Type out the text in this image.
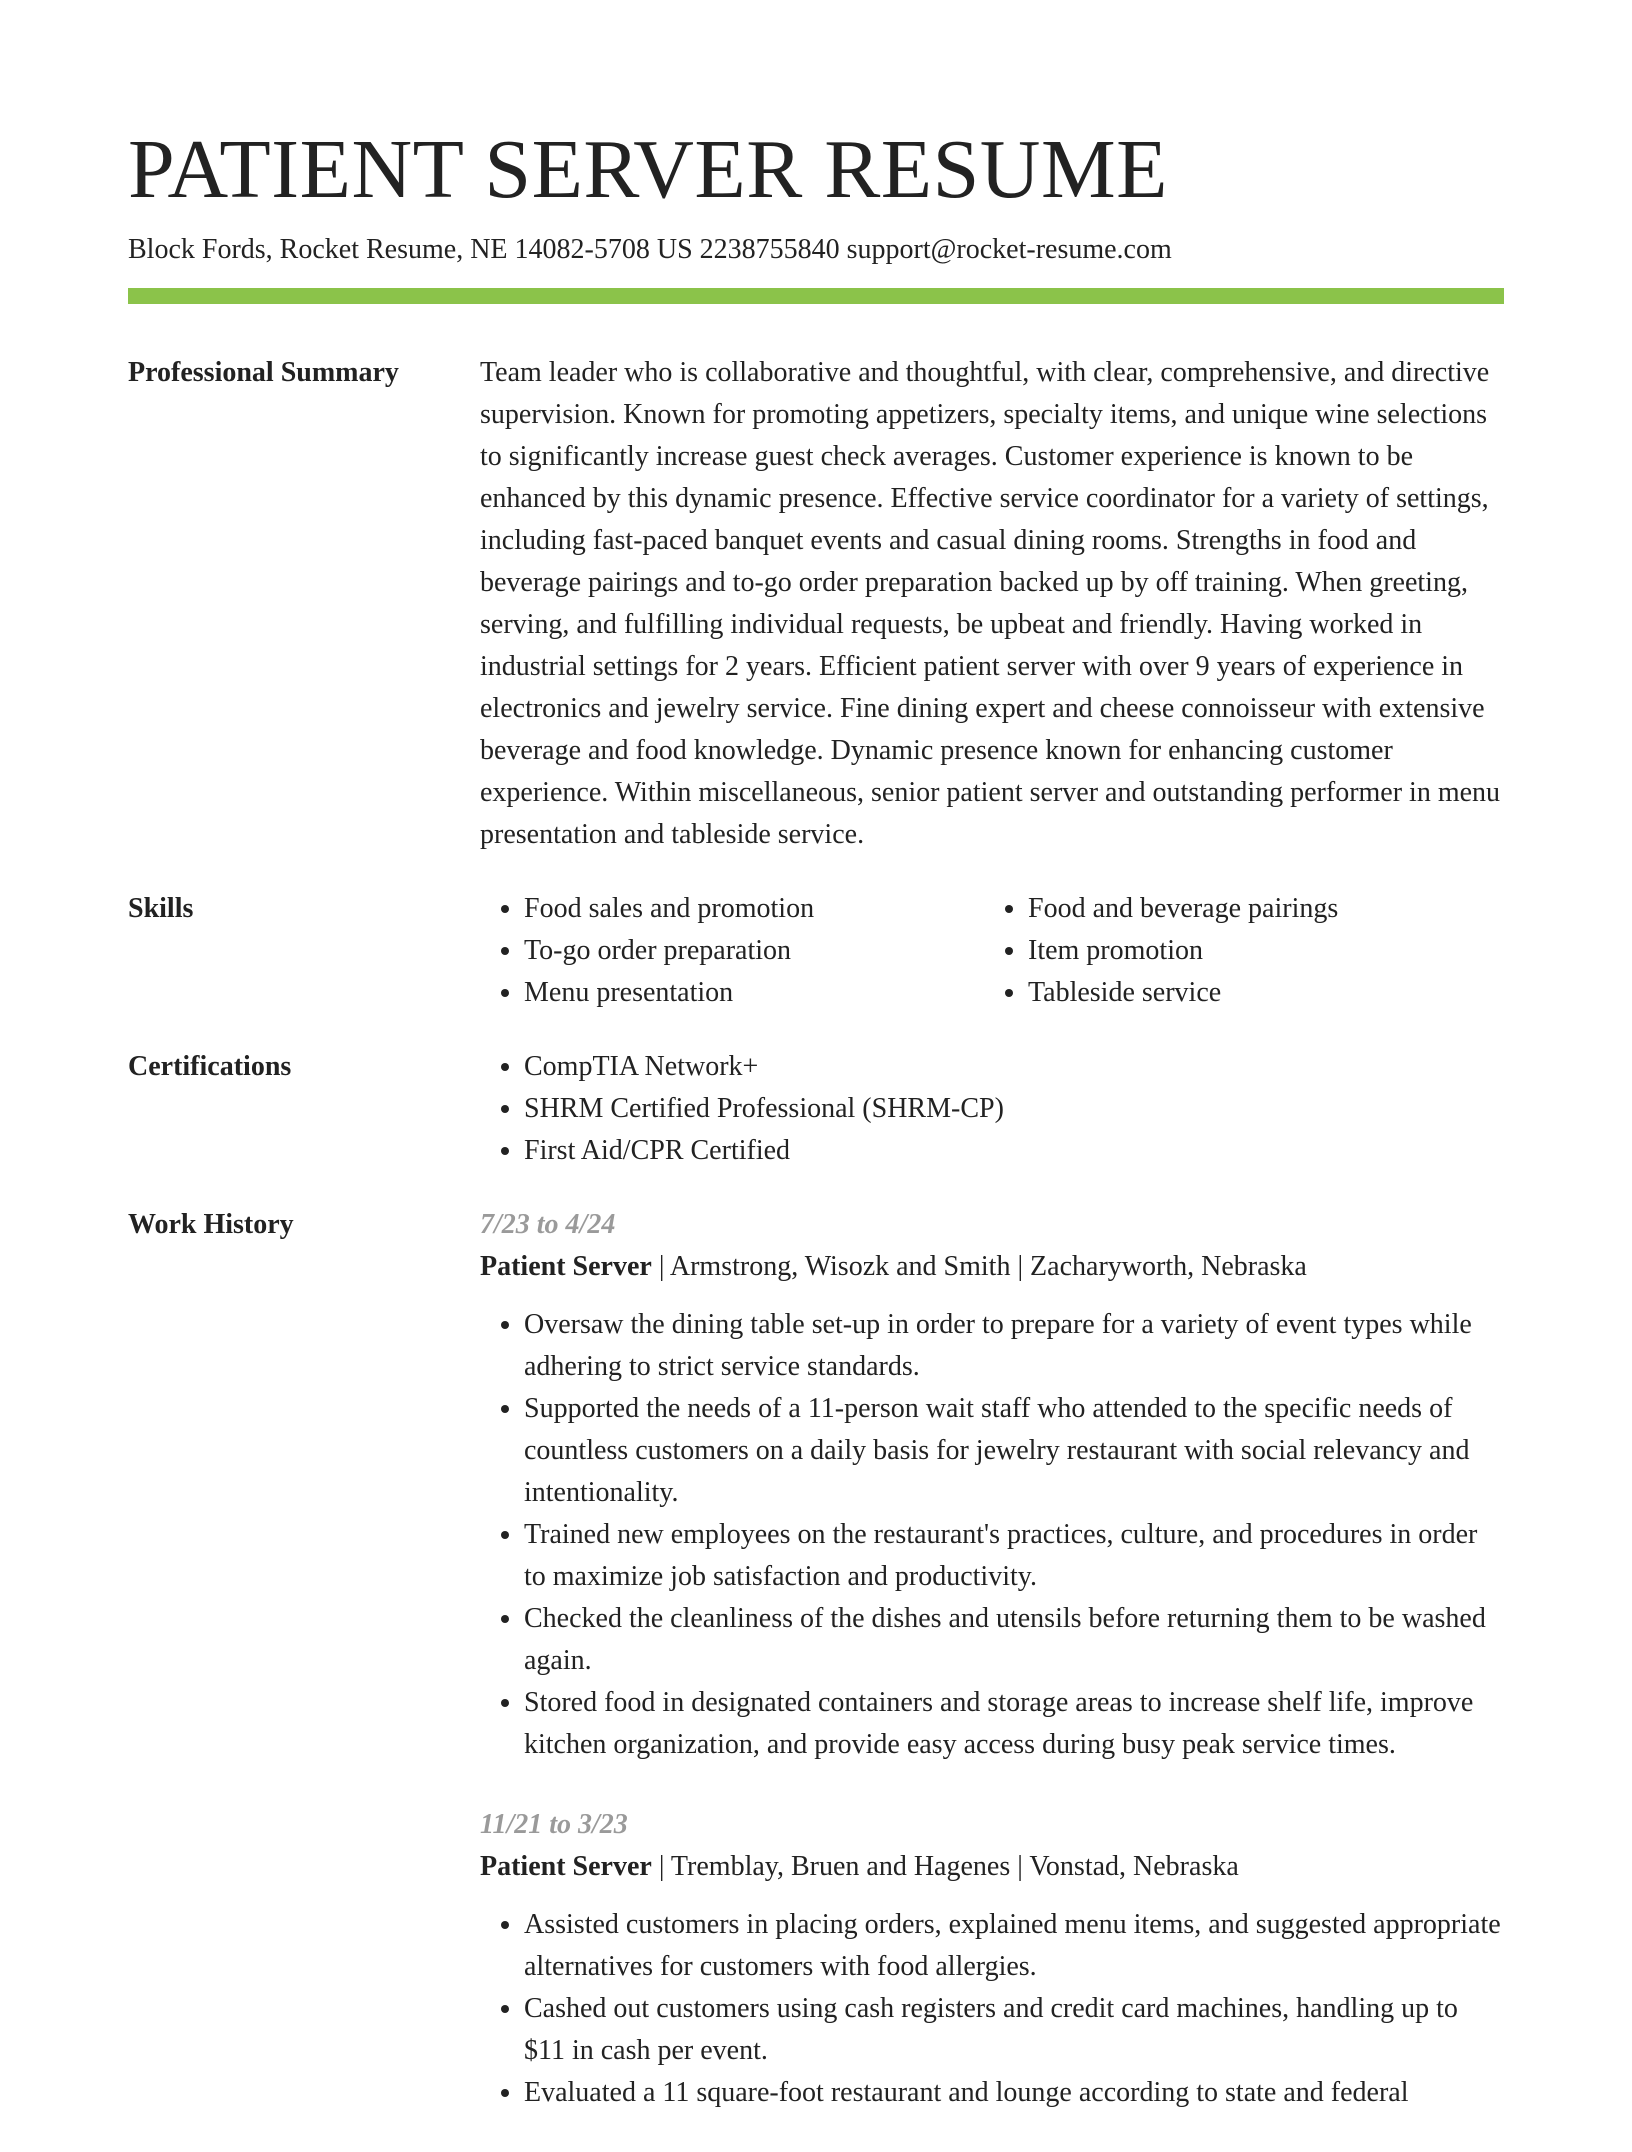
PATIENT SERVER RESUME
Block Fords, Rocket Resume, NE 14082-5708 US 2238755840 support@rocket-resume.com
Professional Summary	Team leader who is collaborative and thoughtful, with clear, comprehensive, and directive supervision. Known for promoting appetizers, specialty items, and unique wine selections to significantly increase guest check averages. Customer experience is known to be enhanced by this dynamic presence. Effective service coordinator for a variety of settings, including fast-paced banquet events and casual dining rooms. Strengths in food and beverage pairings and to-go order preparation backed up by off training. When greeting, serving, and fulfilling individual requests, be upbeat and friendly. Having worked in industrial settings for 2 years. Efficient patient server with over 9 years of experience in electronics and jewelry service. Fine dining expert and cheese connoisseur with extensive beverage and food knowledge. Dynamic presence known for enhancing customer experience. Within miscellaneous, senior patient server and outstanding performer in menu presentation and tableside service.

Skills	• Food sales and promotion
• To-go order preparation
• Menu presentation
• Food and beverage pairings
• Item promotion
• Tableside service
Certifications	• CompTIA Network+
• SHRM Certified Professional (SHRM-CP)
• First Aid/CPR Certified
Work History	7/23 to 4/24
Patient Server | Armstrong, Wisozk and Smith | Zacharyworth, Nebraska
• Oversaw the dining table set-up in order to prepare for a variety of event types while adhering to strict service standards.
• Supported the needs of a 11-person wait staff who attended to the specific needs of countless customers on a daily basis for jewelry restaurant with social relevancy and intentionality.
• Trained new employees on the restaurant's practices, culture, and procedures in order to maximize job satisfaction and productivity.
• Checked the cleanliness of the dishes and utensils before returning them to be washed again.
• Stored food in designated containers and storage areas to increase shelf life, improve kitchen organization, and provide easy access during busy peak service times.
11/21 to 3/23
Patient Server | Tremblay, Bruen and Hagenes | Vonstad, Nebraska
• Assisted customers in placing orders, explained menu items, and suggested appropriate alternatives for customers with food allergies.
• Cashed out customers using cash registers and credit card machines, handling up to $11 in cash per event.
• Evaluated a 11 square-foot restaurant and lounge according to state and federal
